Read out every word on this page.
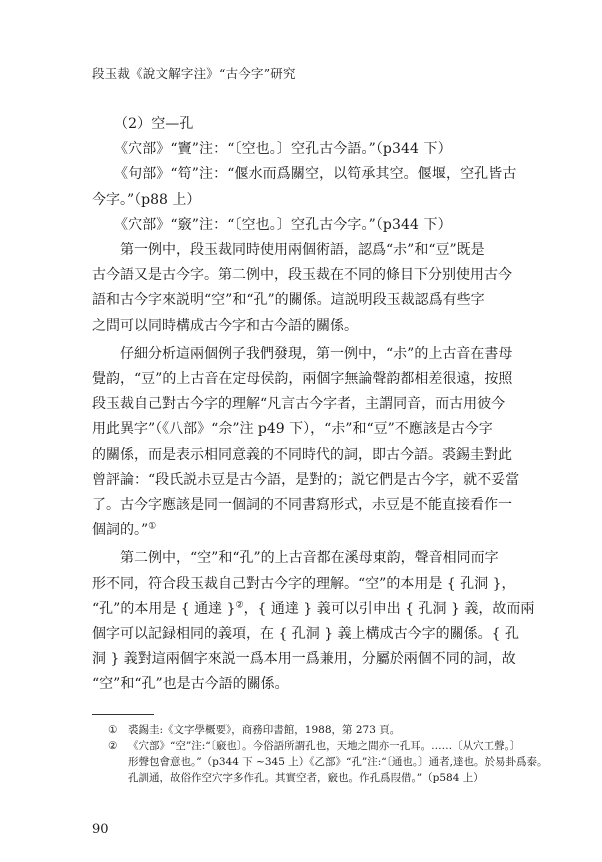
段玉裁《說文解字注》“古今字”研究

（2）空—孔

《穴部》“竇”注：“〔空也。〕空孔古今語。”（p344 下）

《句部》“笱”注：“偃水而爲關空，以笱承其空。偃堰，空孔皆古

今字。”（p88 上）

《穴部》“竅”注：“〔空也。〕空孔古今字。”（p344 下）

第一例中，段玉裁同時使用兩個術語，認爲“尗”和“豆”既是

古今語又是古今字。第二例中，段玉裁在不同的條目下分别使用古今

語和古今字來説明“空”和“孔”的關係。這説明段玉裁認爲有些字

之問可以同時構成古今字和古今語的關係。

仔細分析這兩個例子我們發現，第一例中，“尗”的上古音在書母

覺韵，“豆”的上古音在定母侯韵，兩個字無論聲韵都相差很遠，按照

段玉裁自己對古今字的理解“凡言古今字者，主謂同音，而古用彼今

用此異字”（《八部》“佘”注 p49 下），“尗”和“豆”不應該是古今字

的關係，而是表示相同意義的不同時代的詞，即古今語。裘錫圭對此

曾評論：“段氏説尗豆是古今語，是對的；説它們是古今字，就不妥當

了。古今字應該是同一個詞的不同書寫形式，尗豆是不能直接看作一

個詞的。”①

第二例中，“空”和“孔”的上古音都在溪母東韵，聲音相同而字

形不同，符合段玉裁自己對古今字的理解。“空”的本用是 { 孔洞 }，

“孔”的本用是 { 通達 }②，{ 通達 } 義可以引申出 { 孔洞 } 義，故而兩

個字可以記録相同的義項，在 { 孔洞 } 義上構成古今字的關係。{ 孔

洞 } 義對這兩個字來説一爲本用一爲兼用，分屬於兩個不同的詞，故

“空”和“孔”也是古今語的關係。

①	裘錫圭:《文字學概要》，商務印書館，1988，第 273 頁。
②	《穴部》“空”注:“〔竅也〕。今俗語所謂孔也，天地之間亦一孔耳。……〔从穴工聲。〕
形聲包會意也。”（p344 下 ~345 上）《乙部》“孔”注:“〔通也。〕通者,達也。於易卦爲泰。
孔訓通，故俗作空穴字多作孔。其實空者，竅也。作孔爲叚借。”（p584 上）
90
